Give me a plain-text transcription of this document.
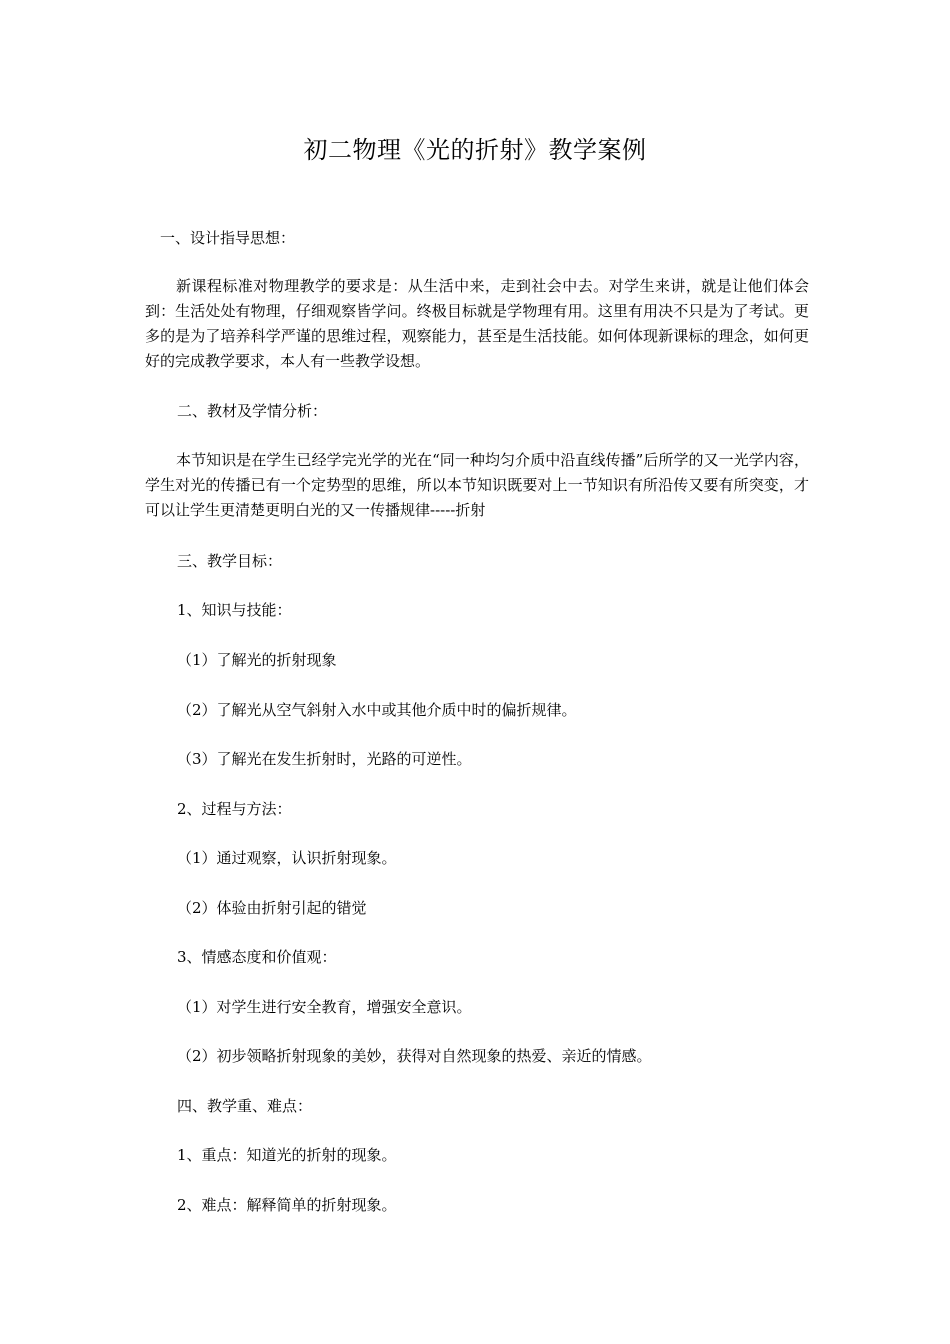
初二物理《光的折射》教学案例
一、设计指导思想：
新课程标准对物理教学的要求是：从生活中来，走到社会中去。对学生来讲，就是让他们体会到：生活处处有物理，仔细观察皆学问。终极目标就是学物理有用。这里有用决不只是为了考试。更多的是为了培养科学严谨的思维过程，观察能力，甚至是生活技能。如何体现新课标的理念，如何更好的完成教学要求，本人有一些教学设想。
二、教材及学情分析：
本节知识是在学生已经学完光学的光在“同一种均匀介质中沿直线传播”后所学的又一光学内容，学生对光的传播已有一个定势型的思维，所以本节知识既要对上一节知识有所沿传又要有所突变，才可以让学生更清楚更明白光的又一传播规律-----折射
三、教学目标：
1、知识与技能：
（1）了解光的折射现象
（2）了解光从空气斜射入水中或其他介质中时的偏折规律。
（3）了解光在发生折射时，光路的可逆性。
2、过程与方法：
（1）通过观察，认识折射现象。
（2）体验由折射引起的错觉
3、情感态度和价值观：
（1）对学生进行安全教育，增强安全意识。
（2）初步领略折射现象的美妙，获得对自然现象的热爱、亲近的情感。
四、教学重、难点：
1、重点：知道光的折射的现象。
2、难点：解释简单的折射现象。
